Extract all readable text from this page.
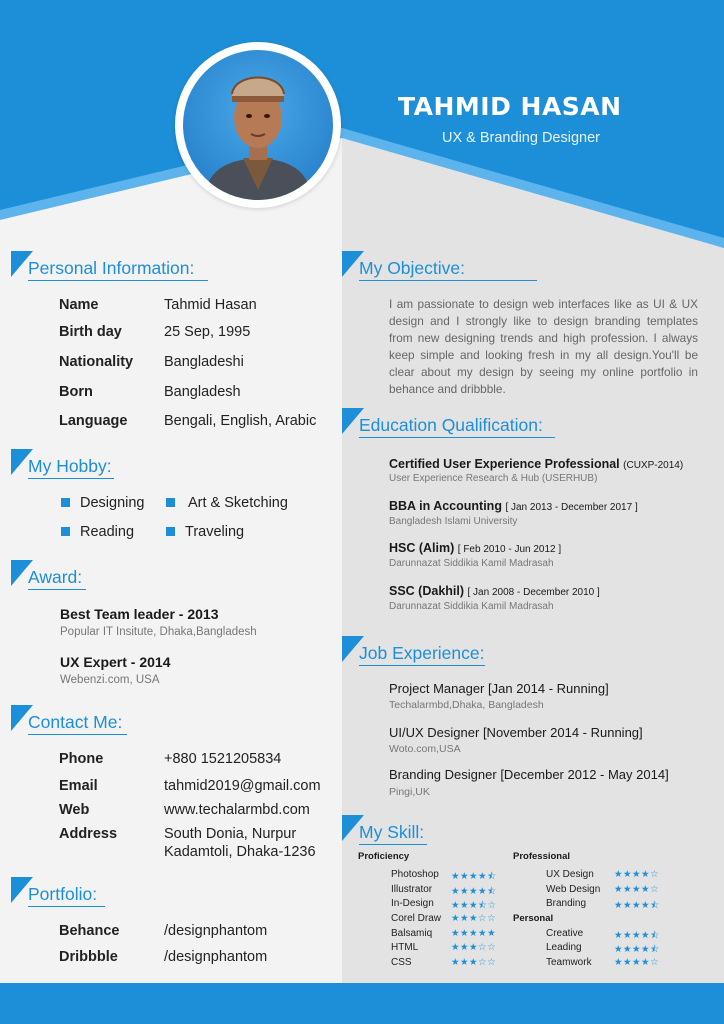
TAHMID HASAN
UX & Branding Designer
Personal Information:
Name	Tahmid Hasan
Birth day	25 Sep, 1995
Nationality Bangladeshi
Born	Bangladesh
Language	Bengali, English, Arabic
My Hobby:
Designing	Art & Sketching
Reading	Traveling
Award:
Best Team leader - 2013
Popular IT Insitute, Dhaka,Bangladesh
UX Expert - 2014
Webenzi.com, USA
Contact Me:
Phone	+880 1521205834
Email	tahmid2019@gmail.com
Web	www.techalarmbd.com
Address	South Donia, Nurpur
Kadamtoli, Dhaka-1236
Portfolio:
Behance	/designphantom
Dribbble	/designphantom
My Objective:
I am passionate to design web interfaces like as UI & UX design and I strongly like to design branding templates from new designing trends and high profession. I always keep simple and looking fresh in my all design.You'll be clear about my design by seeing my online portfolio in behance and dribbble.
Education Qualification:
Certified User Experience Professional (CUXP-2014)
User Experience Research & Hub (USERHUB)
BBA in Accounting [ Jan 2013 - December 2017 ]
Bangladesh Islami University
HSC (Alim) [ Feb 2010 - Jun 2012 ]
Darunnazat Siddikia Kamil Madrasah
SSC (Dakhil) [ Jan 2008 - December 2010 ]
Darunnazat Siddikia Kamil Madrasah
Job Experience:
Project Manager [Jan 2014 - Running]
Techalarmbd,Dhaka, Bangladesh
UI/UX Designer [November 2014 - Running]
Woto.com,USA
Branding Designer [December 2012 - May 2014]
Pingi,UK
My Skill:
Proficiency
Photoshop ★★★★⯪
Illustrator ★★★★⯪
In-Design ★★★⯪☆
Corel Draw ★★★☆☆
Balsamiq ★★★★★
HTML	★★★☆☆
CSS	★★★☆☆
Professional
UX Design ★★★★☆
Web Design ★★★★☆
Branding	★★★★⯪
Personal
Creative	★★★★⯪
Leading	★★★★⯪
Teamwork ★★★★☆
